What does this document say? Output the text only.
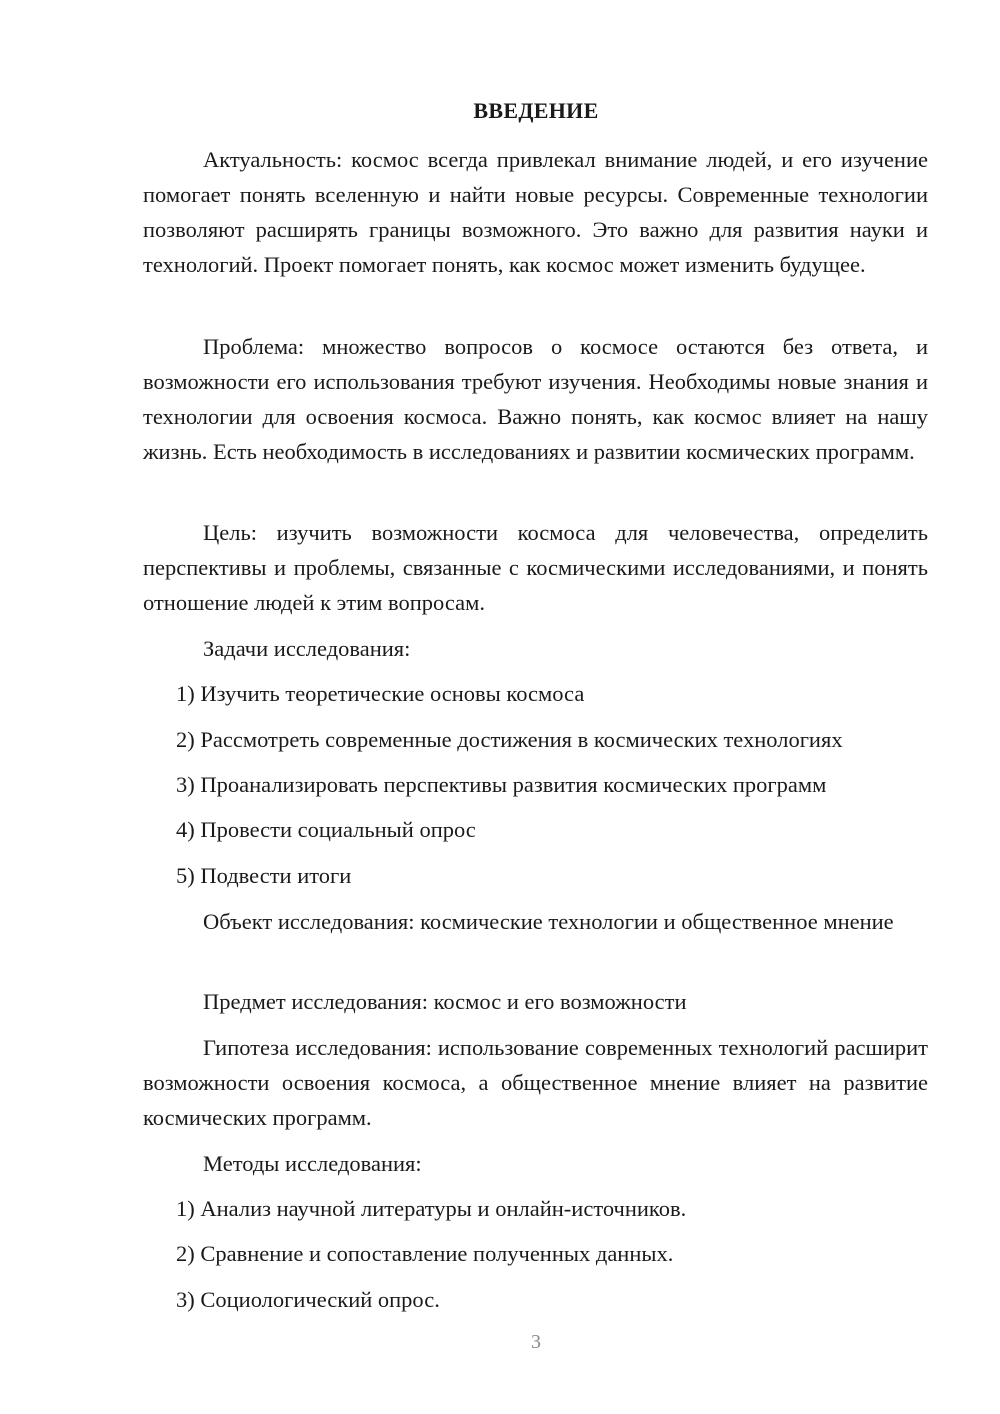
ВВЕДЕНИЕ

Актуальность: космос всегда привлекал внимание людей, и его изучение помогает понять вселенную и найти новые ресурсы. Современные технологии позволяют расширять границы возможного. Это важно для развития науки и технологий. Проект помогает понять, как космос может изменить будущее.

Проблема: множество вопросов о космосе остаются без ответа, и возможности его использования требуют изучения. Необходимы новые знания и технологии для освоения космоса. Важно понять, как космос влияет на нашу жизнь. Есть необходимость в исследованиях и развитии космических программ.

Цель: изучить возможности космоса для человечества, определить перспективы и проблемы, связанные с космическими исследованиями, и понять отношение людей к этим вопросам.

Задачи исследования:
1) Изучить теоретические основы космоса
2) Рассмотреть современные достижения в космических технологиях
3) Проанализировать перспективы развития космических программ
4) Провести социальный опрос
5) Подвести итоги

Объект исследования: космические технологии и общественное мнение

Предмет исследования: космос и его возможности

Гипотеза исследования: использование современных технологий расширит возможности освоения космоса, а общественное мнение влияет на развитие космических программ.

Методы исследования:
1) Анализ научной литературы и онлайн-источников.
2) Сравнение и сопоставление полученных данных.
3) Социологический опрос.
3
